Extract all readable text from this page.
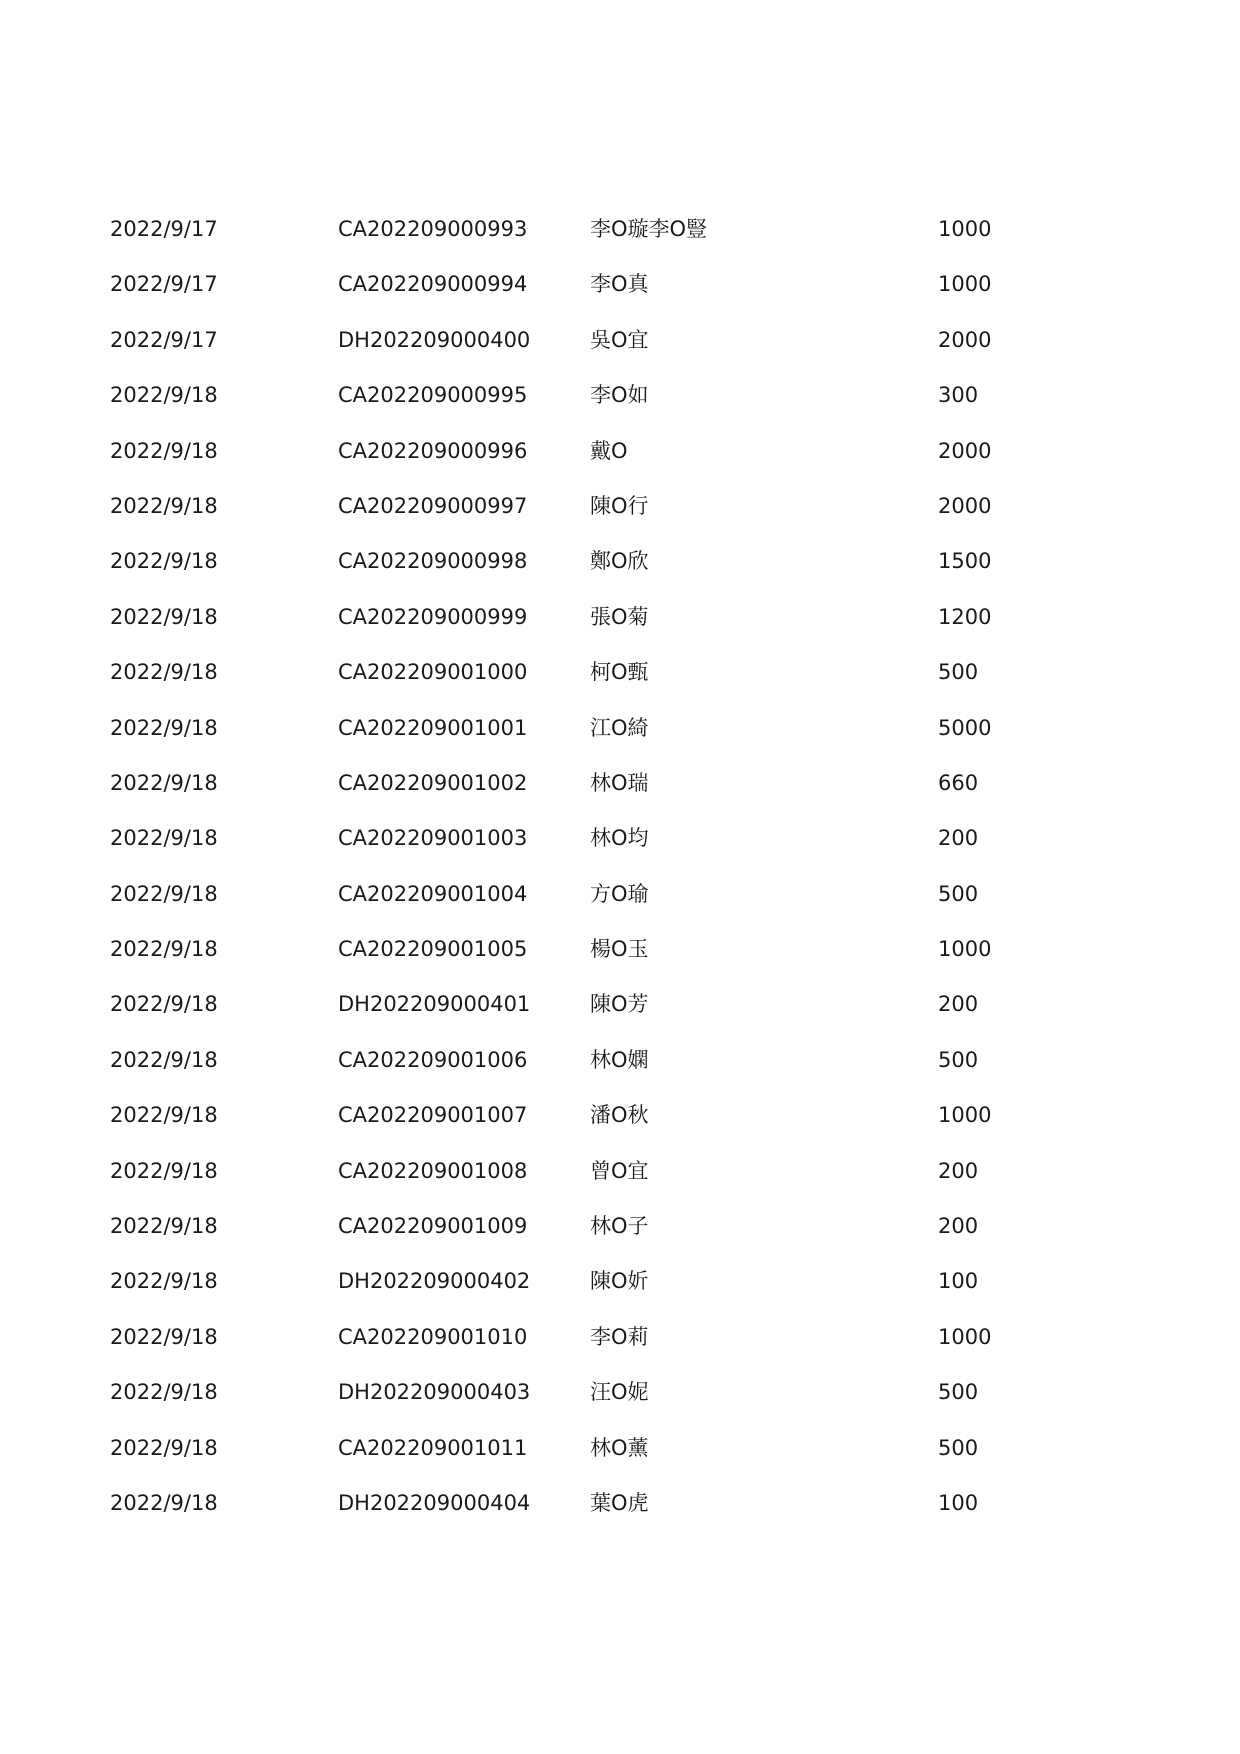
2022/9/17	CA202209000993	李O璇李O豎	1000
2022/9/17	CA202209000994	李O真	1000
2022/9/17	DH202209000400	吳O宜	2000
2022/9/18	CA202209000995	李O如	300
2022/9/18	CA202209000996	戴O	2000
2022/9/18	CA202209000997	陳O行	2000
2022/9/18	CA202209000998	鄭O欣	1500
2022/9/18	CA202209000999	張O菊	1200
2022/9/18	CA202209001000	柯O甄	500
2022/9/18	CA202209001001	江O綺	5000
2022/9/18	CA202209001002	林O瑞	660
2022/9/18	CA202209001003	林O均	200
2022/9/18	CA202209001004	方O瑜	500
2022/9/18	CA202209001005	楊O玉	1000
2022/9/18	DH202209000401	陳O芳	200
2022/9/18	CA202209001006	林O嫻	500
2022/9/18	CA202209001007	潘O秋	1000
2022/9/18	CA202209001008	曾O宜	200
2022/9/18	CA202209001009	林O子	200
2022/9/18	DH202209000402	陳O妡	100
2022/9/18	CA202209001010	李O莉	1000
2022/9/18	DH202209000403	汪O妮	500
2022/9/18	CA202209001011	林O薰	500
2022/9/18	DH202209000404	葉O虎	100
